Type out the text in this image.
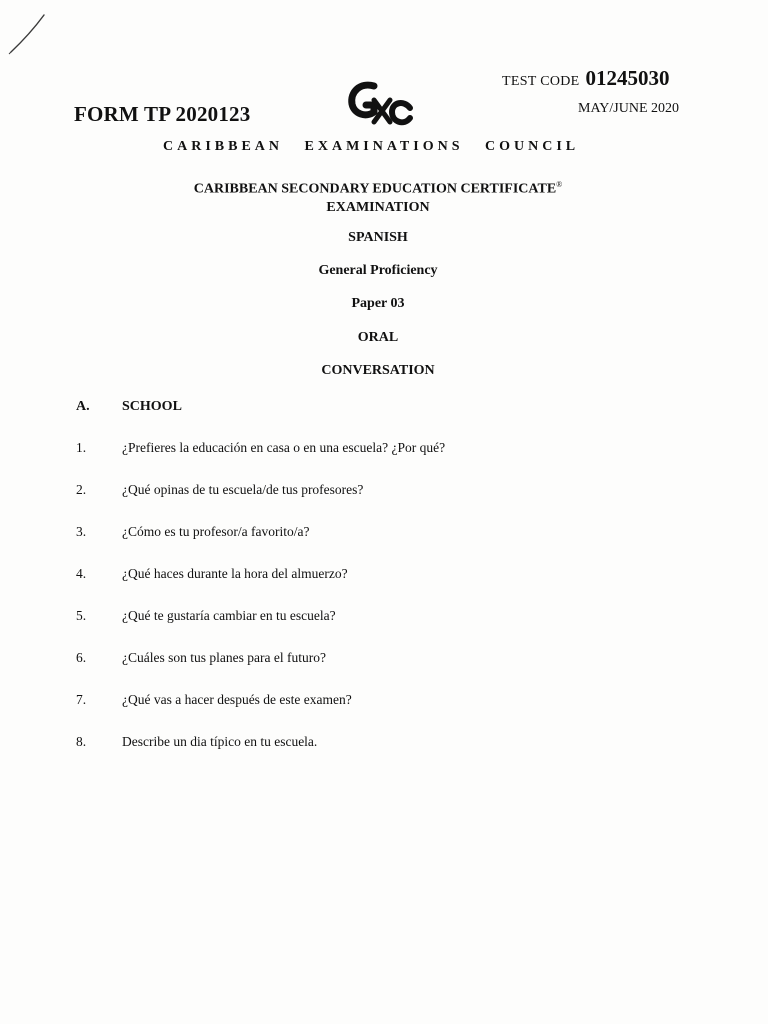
FORM TP 2020123
TEST CODE 01245030
MAY/JUNE 2020
CARIBBEAN EXAMINATIONS COUNCIL
CARIBBEAN SECONDARY EDUCATION CERTIFICATE®
EXAMINATION
SPANISH
General Proficiency
Paper 03
ORAL
CONVERSATION
A. SCHOOL
1.	¿Prefieres la educación en casa o en una escuela? ¿Por qué?
2.	¿Qué opinas de tu escuela/de tus profesores?
3.	¿Cómo es tu profesor/a favorito/a?
4.	¿Qué haces durante la hora del almuerzo?
5.	¿Qué te gustaría cambiar en tu escuela?
6.	¿Cuáles son tus planes para el futuro?
7.	¿Qué vas a hacer después de este examen?
8.	Describe un dia típico en tu escuela.
